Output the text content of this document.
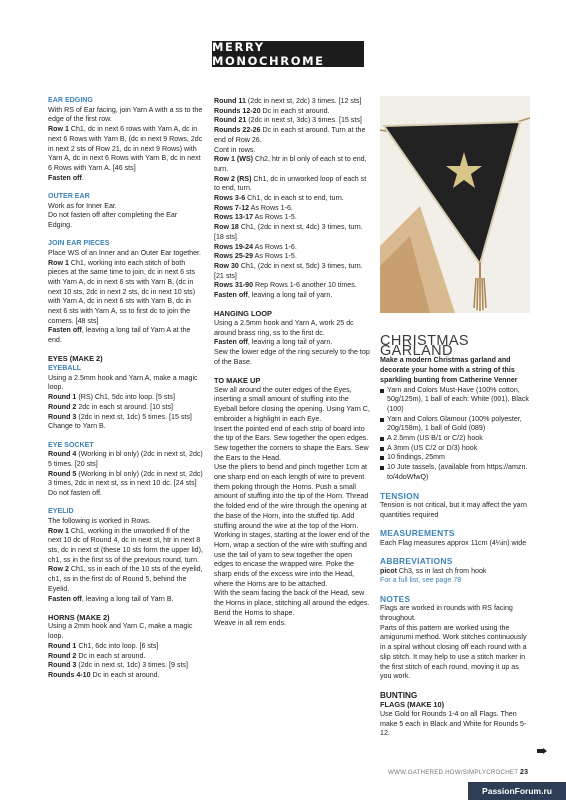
MERRY MONOCHROME

EAR EDGING

With RS of Ear facing, join Yarn A with a ss to the edge of the first row.

Row 1 Ch1, dc in next 6 rows with Yarn A, dc in next 6 Rows with Yarn B, (dc in next 9 Rows, 2dc in next 2 sts of Row 21, dc in next 9 Rows) with Yarn A, dc in next 6 Rows with Yarn B, dc in next 6 Rows with Yarn A. [46 sts]

Fasten off.

OUTER EAR

Work as for Inner Ear.

Do not fasten off after completing the Ear Edging.

JOIN EAR PIECES

Place WS of an Inner and an Outer Ear together.

Row 1 Ch1, working into each stitch of both pieces at the same time to join, dc in next 6 sts with Yarn A, dc in next 6 sts with Yarn B, (dc in next 10 sts, 2dc in next 2 sts, dc in next 10 sts) with Yarn A, dc in next 6 sts with Yarn B, dc in next 6 sts with Yarn A, ss to first dc to join the corners. [48 sts]

Fasten off, leaving a long tail of Yarn A at the end.

EYES (MAKE 2)

EYEBALL

Using a 2.5mm hook and Yarn A, make a magic loop.

Round 1 (RS) Ch1, 5dc into loop. [5 sts]

Round 2 2dc in each st around. [10 sts]

Round 3 (2dc in next st, 1dc) 5 times. [15 sts]

Change to Yarn B.

EYE SOCKET

Round 4 (Working in bl only) (2dc in next st, 2dc) 5 times. [20 sts]

Round 5 (Working in bl only) (2dc in next st, 2dc) 3 times, 2dc in next st, ss in next 10 dc. [24 sts]

Do not fasten off.

EYELID

The following is worked in Rows.

Row 1 Ch1, working in the unworked fl of the next 10 dc of Round 4, dc in next st, htr in next 8 sts, dc in next st (these 10 sts form the upper lid), ch1, ss in the first ss of the previous round, turn.

Row 2 Ch1, ss in each of the 10 sts of the eyelid, ch1, ss in the first dc of Round 5, behind the Eyelid.

Fasten off, leaving a long tail of Yarn B.

HORNS (MAKE 2)

Using a 2mm hook and Yarn C, make a magic loop.

Round 1 Ch1, 6dc into loop. [6 sts]

Round 2 Dc in each st around.

Round 3 (2dc in next st, 1dc) 3 times. [9 sts]

Rounds 4-10 Dc in each st around.

Round 11 (2dc in next st, 2dc) 3 times. [12 sts]

Rounds 12-20 Dc in each st around.

Round 21 (2dc in next st, 3dc) 3 times. [15 sts]

Rounds 22-26 Dc in each st around. Turn at the end of Row 26.

Cont in rows.

Row 1 (WS) Ch2, htr in bl only of each st to end, turn.

Row 2 (RS) Ch1, dc in unworked loop of each st to end, turn.

Rows 3-6 Ch1, dc in each st to end, turn.

Rows 7-12 As Rows 1-6.

Rows 13-17 As Rows 1-5.

Row 18 Ch1, (2dc in next st, 4dc) 3 times, turn. [18 sts]

Rows 19-24 As Rows 1-6.

Rows 25-29 As Rows 1-5.

Row 30 Ch1, (2dc in next st, 5dc) 3 times, turn. [21 sts]

Rows 31-90 Rep Rows 1-6 another 10 times.

Fasten off, leaving a long tail of yarn.

HANGING LOOP

Using a 2.5mm hook and Yarn A, work 25 dc around brass ring, ss to the first dc.

Fasten off, leaving a long tail of yarn.

Sew the lower edge of the ring securely to the top of the Base.

TO MAKE UP

Sew all around the outer edges of the Eyes, inserting a small amount of stuffing into the Eyeball before closing the opening. Using Yarn C, embroider a highlight in each Eye.

Insert the pointed end of each strip of board into the tip of the Ears. Sew together the open edges. Sew together the corners to shape the Ears. Sew the Ears to the Head.

Use the pliers to bend and pinch together 1cm at one sharp end on each length of wire to prevent them poking through the Horns. Push a small amount of stuffing into the tip of the Horn. Thread the folded end of the wire through the opening at the base of the Horn, into the stuffed tip. Add stuffing around the wire at the top of the Horn. Working in stages, starting at the lower end of the Horn, wrap a section of the wire with stuffing and use the tail of yarn to sew together the open edges to encase the wrapped wire. Poke the sharp ends of the excess wire into the Head, where the Horns are to be attached.

With the seam facing the back of the Head, sew the Horns in place, stitching all around the edges.

Bend the Horns to shape.

Weave in all rem ends.

CHRISTMAS GARLAND

Make a modern Christmas garland and decorate your home with a string of this sparkling bunting from Catherine Venner

Yarn and Colors Must-Have (100% cotton, 50g/125m), 1 ball of each: White (001), Black (100)

Yarn and Colors Glamour (100% polyester, 20g/158m), 1 ball of Gold (089)

A 2.5mm (US B/1 or C/2) hook

A 3mm (US C/2 or D/3) hook

10 findings, 25mm

10 Jute tassels, (available from https://amzn. to/4doWfwQ)

TENSION

Tension is not critical, but it may affect the yarn quantities required

MEASUREMENTS

Each Flag measures approx 11cm (4¼in) wide

ABBREVIATIONS

picot Ch3, ss in last ch from hook

For a full list, see page 78

NOTES

Flags are worked in rounds with RS facing throughout.

Parts of this pattern are worked using the amigurumi method. Work stitches continuously in a spiral without closing off each round with a slip stitch. It may help to use a stitch marker in the first stitch of each round, moving it up as you work.

BUNTING

FLAGS (MAKE 10)

Use Gold for Rounds 1-4 on all Flags. Then make 5 each in Black and White for Rounds 5-12.

WWW.GATHERED.HOW/SIMPLYCROCHET 23
PassionForum.ru
